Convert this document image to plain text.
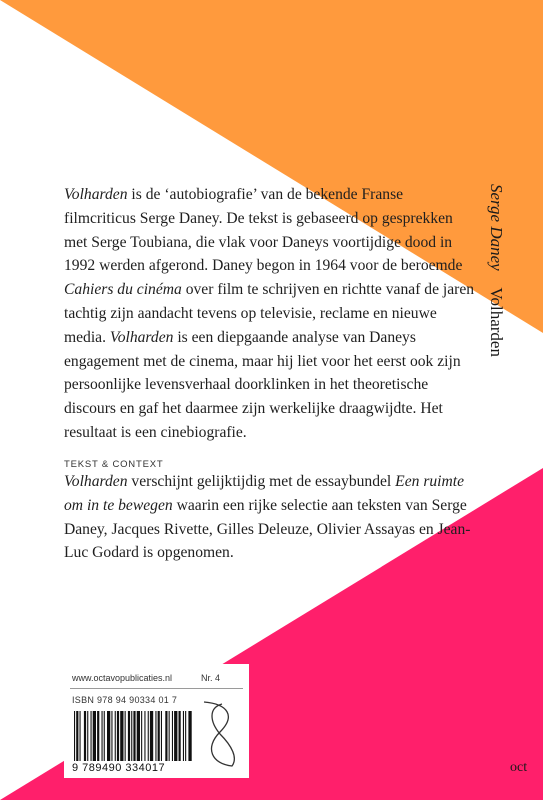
Serge Daney    Volharden

Volharden is de ‘autobiografie’ van de bekende Franse filmcriticus Serge Daney. De tekst is gebaseerd op gesprekken met Serge Toubiana, die vlak voor Daneys voortijdige dood in 1992 werden afgerond. Daney begon in 1964 voor de beroemde Cahiers du cinéma over film te schrijven en richtte vanaf de jaren tachtig zijn aandacht tevens op televisie, reclame en nieuwe media. Volharden is een diepgaande analyse van Daneys engagement met de cinema, maar hij liet voor het eerst ook zijn persoonlijke levensverhaal doorklinken in het theoretische discours en gaf het daarmee zijn werkelijke draagwijdte. Het resultaat is een cinebiografie.

TEKST & CONTEXT

Volharden verschijnt gelijktijdig met de essaybundel Een ruimte om in te bewegen waarin een rijke selectie aan teksten van Serge Daney, Jacques Rivette, Gilles Deleuze, Olivier Assayas en Jean-Luc Godard is opgenomen.

www.octavopublicaties.nl	Nr. 4
ISBN 978 94 90334 01 7
9 789490 334017	oct
